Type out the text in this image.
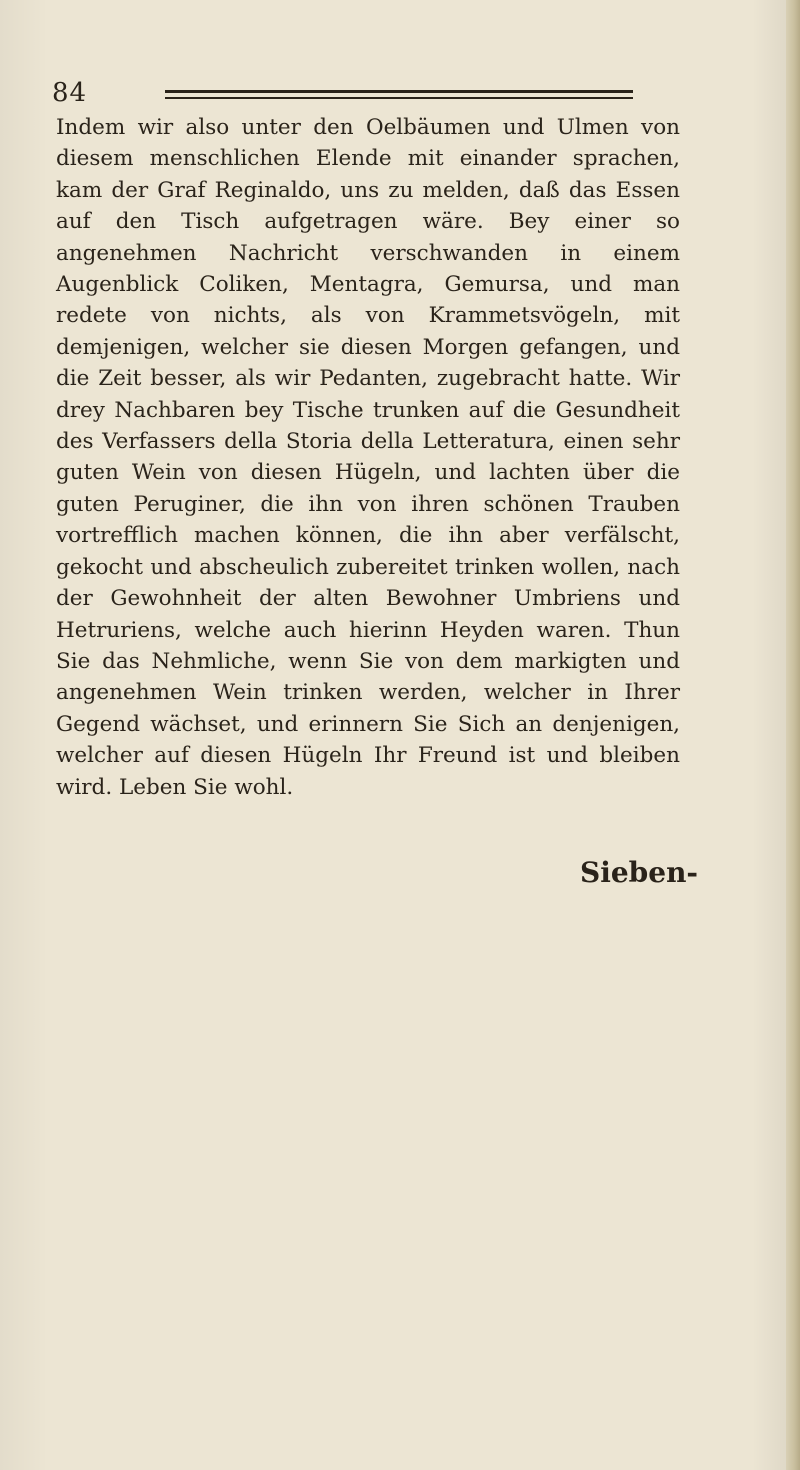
84

Indem wir also unter den Oelbäumen und Ulmen von diesem menschlichen Elende mit einander sprachen, kam der Graf Reginaldo, uns zu melden, daß das Essen auf den Tisch aufgetragen wäre. Bey einer so angenehmen Nachricht verschwanden in einem Augenblick Coliken, Mentagra, Gemursa, und man redete von nichts, als von Krammetsvögeln, mit demjenigen, welcher sie diesen Morgen gefangen, und die Zeit besser, als wir Pedanten, zugebracht hatte. Wir drey Nachbaren bey Tische trunken auf die Gesundheit des Verfassers della Storia della Letteratura, einen sehr guten Wein von diesen Hügeln, und lachten über die guten Peruginer, die ihn von ihren schönen Trauben vortrefflich machen können, die ihn aber verfälscht, gekocht und abscheulich zubereitet trinken wollen, nach der Gewohnheit der alten Bewohner Umbriens und Hetruriens, welche auch hierinn Heyden waren. Thun Sie das Nehmliche, wenn Sie von dem markigten und angenehmen Wein trinken werden, welcher in Ihrer Gegend wächset, und erinnern Sie Sich an denjenigen, welcher auf diesen Hügeln Ihr Freund ist und bleiben wird. Leben Sie wohl.

Sieben-
